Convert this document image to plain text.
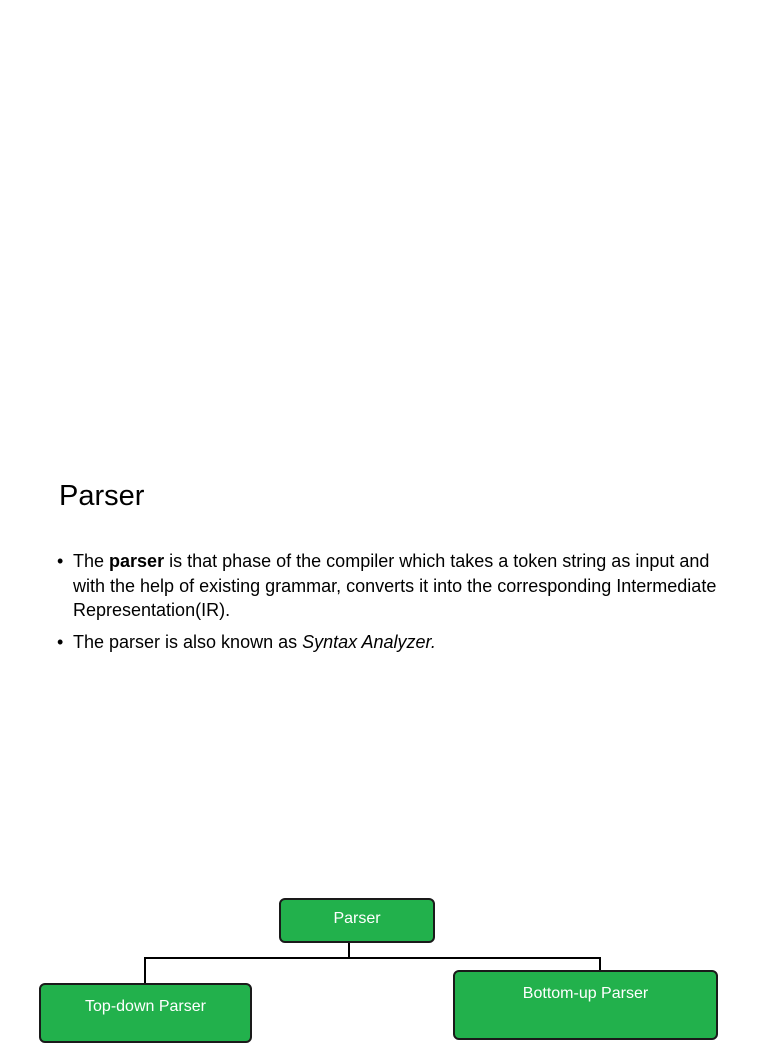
Parser
• The parser is that phase of the compiler which takes a token string as input and with the help of existing grammar, converts it into the corresponding Intermediate Representation(IR).
• The parser is also known as Syntax Analyzer.
Parser
Top-down Parser
Bottom-up Parser
